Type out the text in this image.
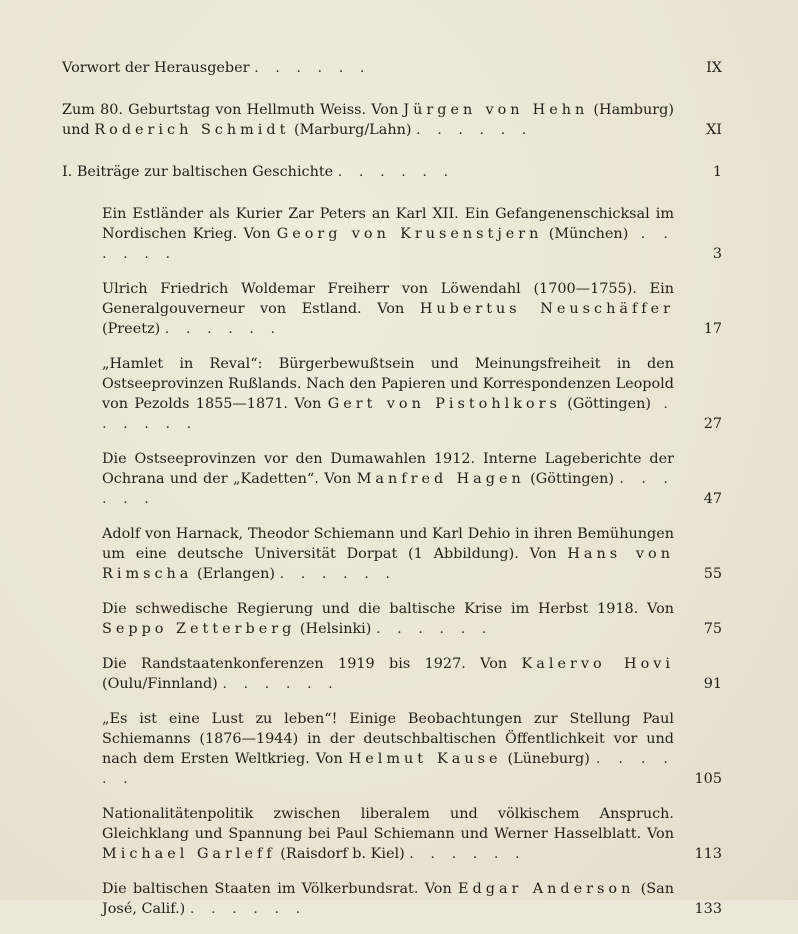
Vorwort der Herausgeber . . . . . .	IX
Zum 80. Geburtstag von Hellmuth Weiss. Von Jürgen von Hehn (Hamburg) und Roderich Schmidt (Marburg/Lahn) . . . . . .	XI
I. Beiträge zur baltischen Geschichte . . . . . .	1
Ein Estländer als Kurier Zar Peters an Karl XII. Ein Gefangenenschicksal im Nordischen Krieg. Von Georg von Krusenstjern (München) . . . . . .	3
Ulrich Friedrich Woldemar Freiherr von Löwendahl (1700—1755). Ein Generalgouverneur von Estland. Von Hubertus Neuschäffer (Preetz) . . . . . .	17
„Hamlet in Reval“: Bürgerbewußtsein und Meinungsfreiheit in den Ostseeprovinzen Rußlands. Nach den Papieren und Korrespondenzen Leopold von Pezolds 1855—1871. Von Gert von Pistohlkors (Göttingen) . . . . . .	27
Die Ostseeprovinzen vor den Dumawahlen 1912. Interne Lageberichte der Ochrana und der „Kadetten“. Von Manfred Hagen (Göttingen) . . . . . .	47
Adolf von Harnack, Theodor Schiemann und Karl Dehio in ihren Bemühungen um eine deutsche Universität Dorpat (1 Abbildung). Von Hans von Rimscha (Erlangen) . . . . . .	55
Die schwedische Regierung und die baltische Krise im Herbst 1918. Von Seppo Zetterberg (Helsinki) . . . . . .	75
Die Randstaatenkonferenzen 1919 bis 1927. Von Kalervo Hovi (Oulu/Finnland) . . . . . .	91
„Es ist eine Lust zu leben“! Einige Beobachtungen zur Stellung Paul Schiemanns (1876—1944) in der deutschbaltischen Öffentlichkeit vor und nach dem Ersten Weltkrieg. Von Helmut Kause (Lüneburg) . . . . . .	105
Nationalitätenpolitik zwischen liberalem und völkischem Anspruch. Gleichklang und Spannung bei Paul Schiemann und Werner Hasselblatt. Von Michael Garleff (Raisdorf b. Kiel) . . . . . .	113
Die baltischen Staaten im Völkerbundsrat. Von Edgar Anderson (San José, Calif.) . . . . . .	133
